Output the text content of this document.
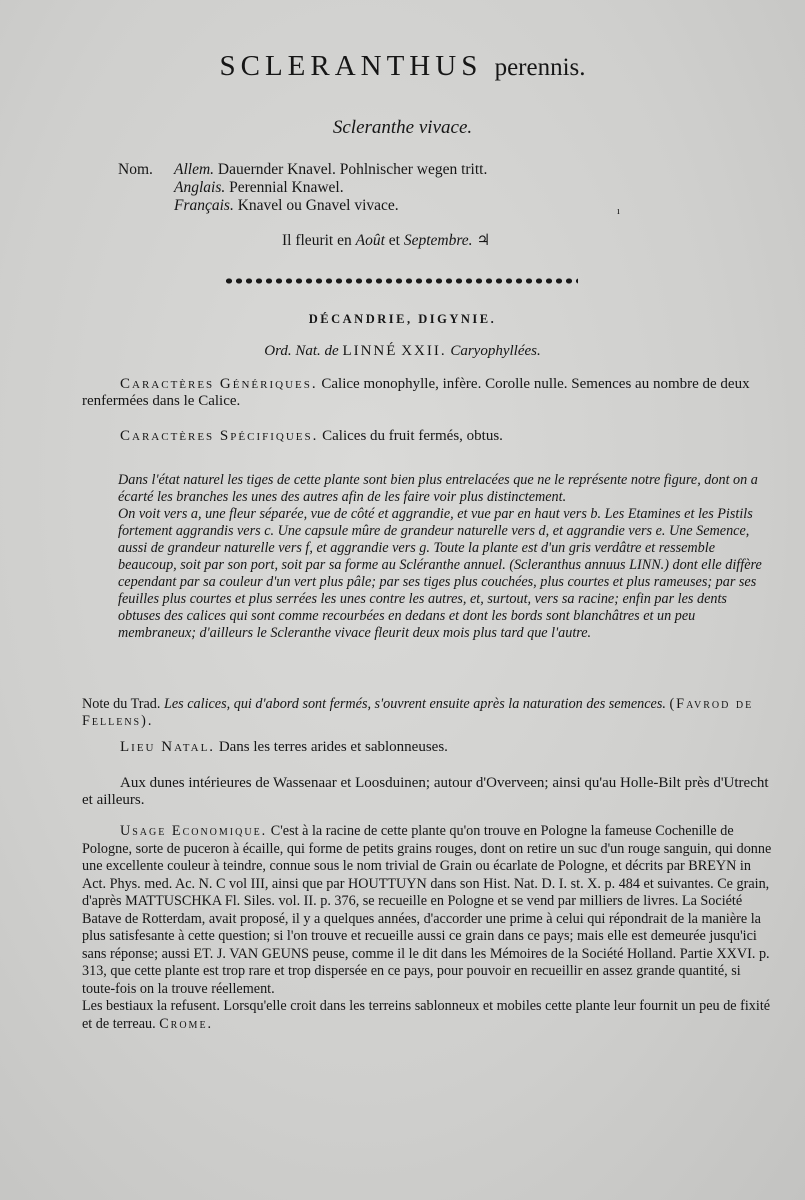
SCLERANTHUS perennis.
Scleranthe vivace.
Nom. Allem. Dauernder Knavel. Pohlnischer wegen tritt.
Anglais. Perennial Knawel.
Français. Knavel ou Gnavel vivace.	ı
Il fleurit en Août et Septembre. ♃
DÉCANDRIE, DIGYNIE.
Ord. Nat. de LINNÉ XXII. Caryophyllées.

Caractères Génériques. Calice monophylle, infère. Corolle nulle. Semences au nombre de deux renfermées dans le Calice.

Caractères Spécifiques. Calices du fruit fermés, obtus.

Dans l'état naturel les tiges de cette plante sont bien plus entrelacées que ne le représente notre figure, dont on a écarté les branches les unes des autres afin de les faire voir plus distinctement.

On voit vers a, une fleur séparée, vue de côté et aggrandie, et vue par en haut vers b. Les Etamines et les Pistils fortement aggrandis vers c. Une capsule mûre de grandeur naturelle vers d, et aggrandie vers e. Une Semence, aussi de grandeur naturelle vers f, et aggrandie vers g. Toute la plante est d'un gris verdâtre et ressemble beaucoup, soit par son port, soit par sa forme au Scléranthe annuel. (Scleranthus annuus LINN.) dont elle diffère cependant par sa couleur d'un vert plus pâle; par ses tiges plus couchées, plus courtes et plus rameuses; par ses feuilles plus courtes et plus serrées les unes contre les autres, et, surtout, vers sa racine; enfin par les dents obtuses des calices qui sont comme recourbées en dedans et dont les bords sont blanchâtres et un peu membraneux; d'ailleurs le Scleranthe vivace fleurit deux mois plus tard que l'autre.

Note du Trad. Les calices, qui d'abord sont fermés, s'ouvrent ensuite après la naturation des semences. (Favrod de Fellens).

Lieu Natal. Dans les terres arides et sablonneuses.

Aux dunes intérieures de Wassenaar et Loosduinen; autour d'Overveen; ainsi qu'au Holle-Bilt près d'Utrecht et ailleurs.

Usage Economique. C'est à la racine de cette plante qu'on trouve en Pologne la fameuse Cochenille de Pologne, sorte de puceron à écaille, qui forme de petits grains rouges, dont on retire un suc d'un rouge sanguin, qui donne une excellente couleur à teindre, connue sous le nom trivial de Grain ou écarlate de Pologne, et décrits par BREYN in Act. Phys. med. Ac. N. C vol III, ainsi que par HOUTTUYN dans son Hist. Nat. D. I. st. X. p. 484 et suivantes. Ce grain, d'après MATTUSCHKA Fl. Siles. vol. II. p. 376, se recueille en Pologne et se vend par milliers de livres. La Société Batave de Rotterdam, avait proposé, il y a quelques années, d'accorder une prime à celui qui répondrait de la manière la plus satisfesante à cette question; si l'on trouve et recueille aussi ce grain dans ce pays; mais elle est demeurée jusqu'ici sans réponse; aussi ET. J. VAN GEUNS peuse, comme il le dit dans les Mémoires de la Société Holland. Partie XXVI. p. 313, que cette plante est trop rare et trop dispersée en ce pays, pour pouvoir en recueillir en assez grande quantité, si toute-fois on la trouve réellement.

Les bestiaux la refusent. Lorsqu'elle croit dans les terreins sablonneux et mobiles cette plante leur fournit un peu de fixité et de terreau. Crome.
